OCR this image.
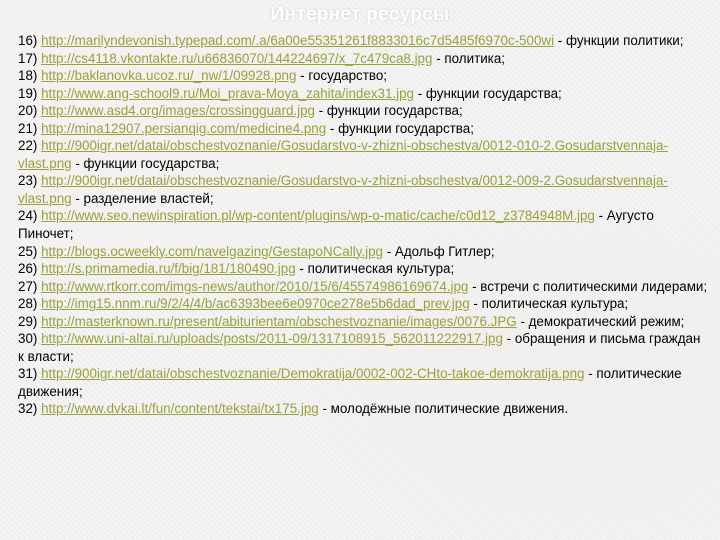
Интернет ресурсы

16) http://marilyndevonish.typepad.com/.a/6a00e55351261f8833016c7d5485f6970c-500wi - функции политики;

17) http://cs4118.vkontakte.ru/u66836070/144224697/x_7c479ca8.jpg - политика;

18) http://baklanovka.ucoz.ru/_nw/1/09928.png - государство;

19) http://www.ang-school9.ru/Moi_prava-Moya_zahita/index31.jpg - функции государства;

20) http://www.asd4.org/images/crossingguard.jpg - функции государства;

21) http://mina12907.persianqig.com/medicine4.png - функции государства;

22) http://900igr.net/datai/obschestvoznanie/Gosudarstvo-v-zhizni-obschestva/0012-010-2.Gosudarstvennaja-vlast.png - функции государства;

23) http://900igr.net/datai/obschestvoznanie/Gosudarstvo-v-zhizni-obschestva/0012-009-2.Gosudarstvennaja-vlast.png - разделение властей;

24) http://www.seo.newinspiration.pl/wp-content/plugins/wp-o-matic/cache/c0d12_z3784948M.jpg - Аугусто Пиночет;

25) http://blogs.ocweekly.com/navelgazing/GestapoNCally.jpg - Адольф Гитлер;

26) http://s.primamedia.ru/f/big/181/180490.jpg - политическая культура;

27) http://www.rtkorr.com/imgs-news/author/2010/15/6/45574986169674.jpg - встречи с политическими лидерами;

28) http://img15.nnm.ru/9/2/4/4/b/ac6393bee6e0970ce278e5b6dad_prev.jpg - политическая культура;

29) http://masterknown.ru/present/abiturientam/obschestvoznanie/images/0076.JPG - демократический режим;

30) http://www.uni-altai.ru/uploads/posts/2011-09/1317108915_562011222917.jpg - обращения и письма граждан к власти;

31) http://900igr.net/datai/obschestvoznanie/Demokratija/0002-002-CHto-takoe-demokratija.png - политические движения;

32) http://www.dvkai.lt/fun/content/tekstai/tx175.jpg - молодёжные политические движения.
